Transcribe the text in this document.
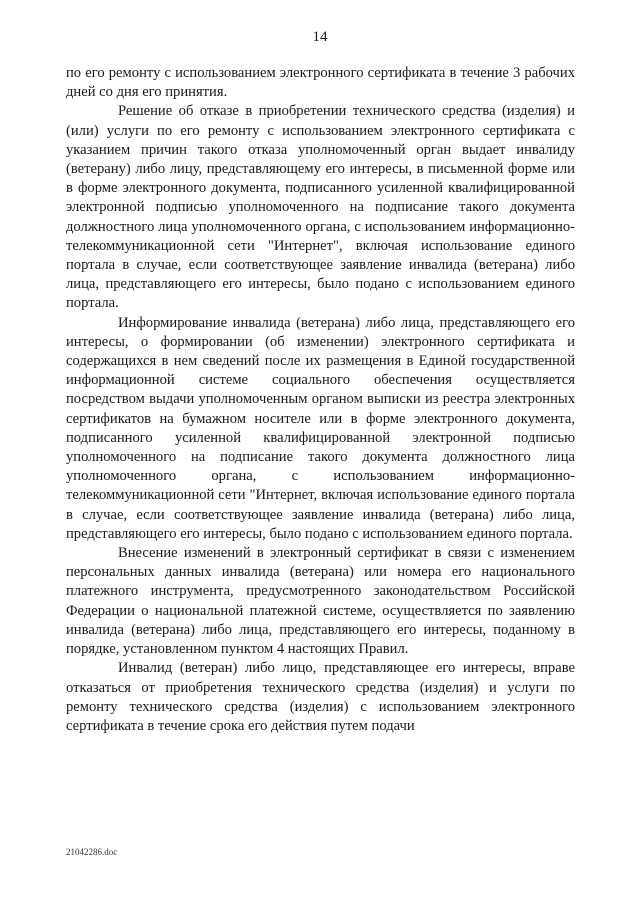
14

по его ремонту с использованием электронного сертификата в течение 3 рабочих дней со дня его принятия.

Решение об отказе в приобретении технического средства (изделия) и (или) услуги по его ремонту с использованием электронного сертификата с указанием причин такого отказа уполномоченный орган выдает инвалиду (ветерану) либо лицу, представляющему его интересы, в письменной форме или в форме электронного документа, подписанного усиленной квалифицированной электронной подписью уполномоченного на подписание такого документа должностного лица уполномоченного органа, с использованием информационно-телекоммуникационной сети "Интернет", включая использование единого портала в случае, если соответствующее заявление инвалида (ветерана) либо лица, представляющего его интересы, было подано с использованием единого портала.

Информирование инвалида (ветерана) либо лица, представляющего его интересы, о формировании (об изменении) электронного сертификата и содержащихся в нем сведений после их размещения в Единой государственной информационной системе социального обеспечения осуществляется посредством выдачи уполномоченным органом выписки из реестра электронных сертификатов на бумажном носителе или в форме электронного документа, подписанного усиленной квалифицированной электронной подписью уполномоченного на подписание такого документа должностного лица уполномоченного органа, с использованием информационно-телекоммуникационной сети "Интернет, включая использование единого портала в случае, если соответствующее заявление инвалида (ветерана) либо лица, представляющего его интересы, было подано с использованием единого портала.

Внесение изменений в электронный сертификат в связи с изменением персональных данных инвалида (ветерана) или номера его национального платежного инструмента, предусмотренного законодательством Российской Федерации о национальной платежной системе, осуществляется по заявлению инвалида (ветерана) либо лица, представляющего его интересы, поданному в порядке, установленном пунктом 4 настоящих Правил.

Инвалид (ветеран) либо лицо, представляющее его интересы, вправе отказаться от приобретения технического средства (изделия) и услуги по ремонту технического средства (изделия) с использованием электронного сертификата в течение срока его действия путем подачи

21042286.doc
